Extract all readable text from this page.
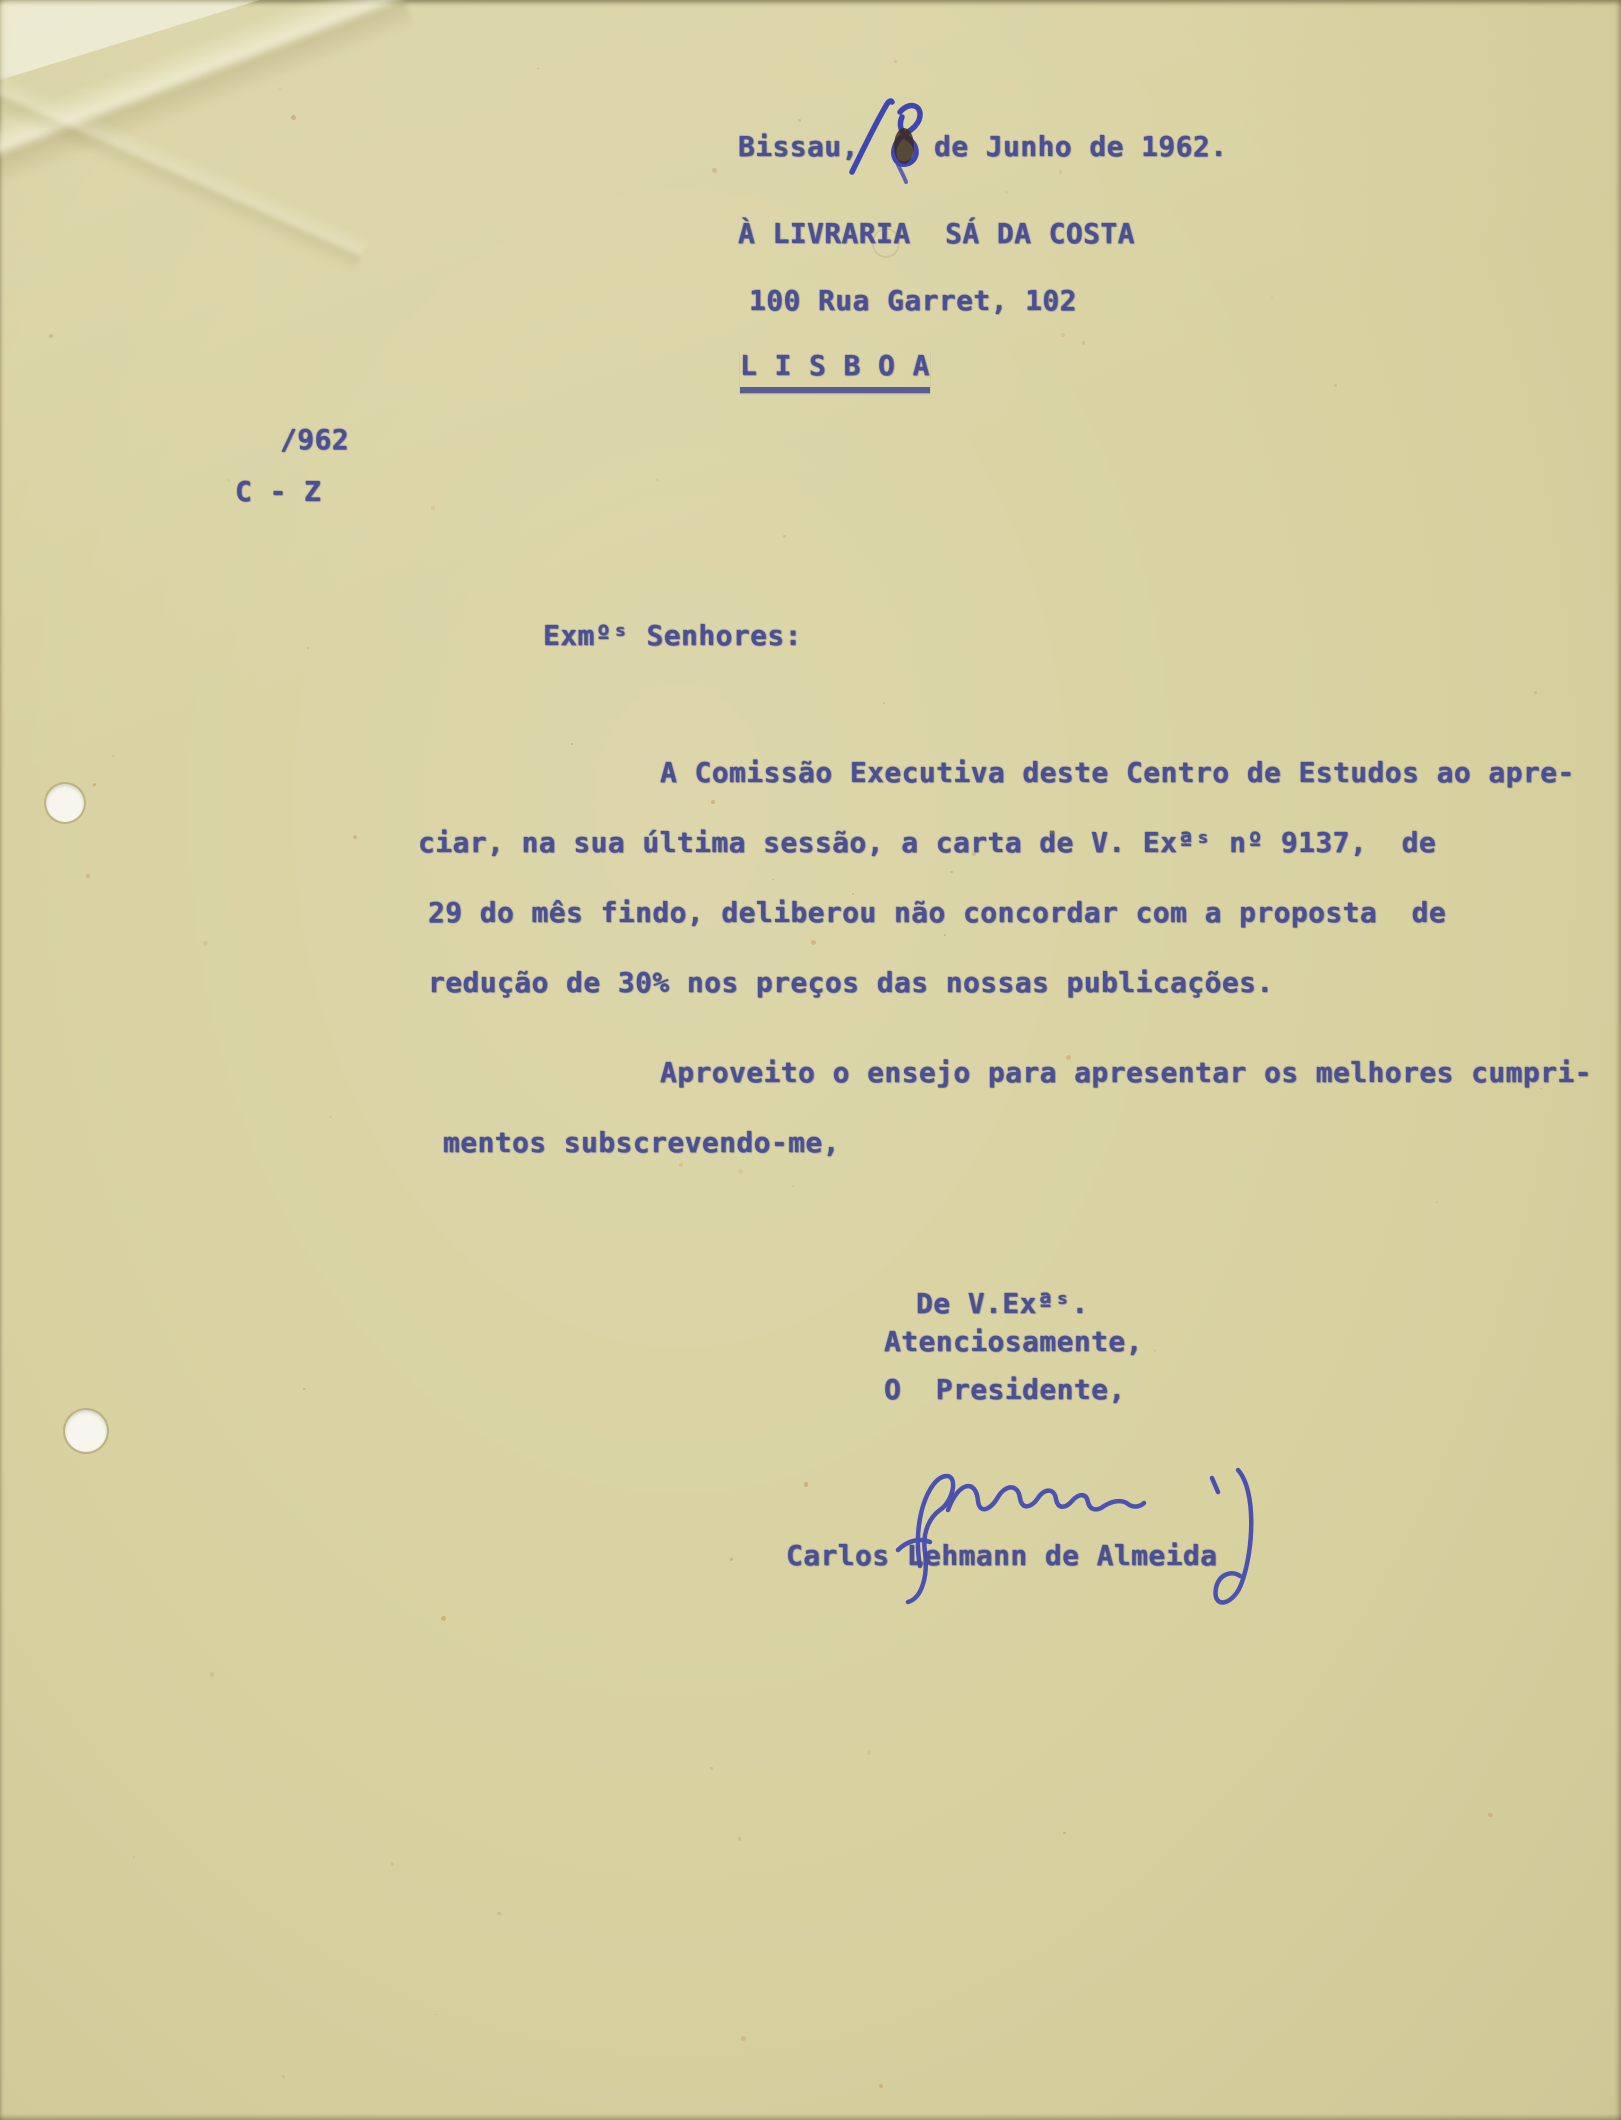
Bissau,	de Junho de 1962.
À LIVRARIA  SÁ DA COSTA
100 Rua Garret, 102
L I S B O A
/962
C - Z
Exmºˢ Senhores:
A Comissão Executiva deste Centro de Estudos ao apre-
ciar, na sua última sessão, a carta de V. Exªˢ nº 9137,  de
29 do mês findo, deliberou não concordar com a proposta  de
redução de 30% nos preços das nossas publicações.
Aproveito o ensejo para apresentar os melhores cumpri-
mentos subscrevendo-me,
De V.Exªˢ.
Atenciosamente,
O  Presidente,
Carlos Lehmann de Almeida
